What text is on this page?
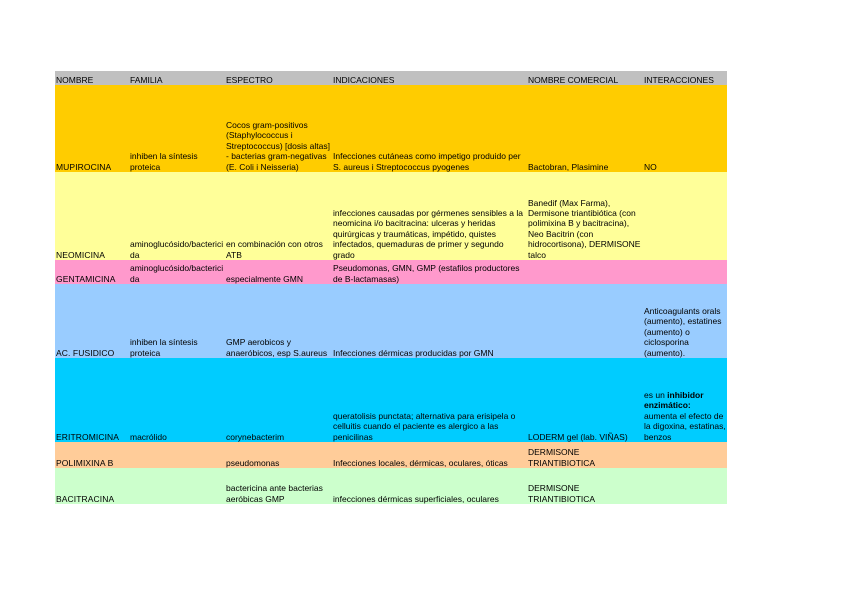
NOMBRE	FAMILIA	ESPECTRO	INDICACIONES	NOMBRE COMERCIAL	INTERACCIONES
MUPIROCINA	inhiben la síntesis proteica	Cocos gram-positivos (Staphylococcus i Streptococcus) [dosis altas] - bacterias gram-negativas (E. Coli i Neisseria)	Infecciones cutáneas como impetigo produido per S. aureus i Streptococcus pyogenes	Bactobran, Plasimine	NO
NEOMICINA	aminoglucósido/bactericida	en combinación con otros ATB	infecciones causadas por gérmenes sensibles a la neomicina i/o bacitracina: ulceras y heridas quirúrgicas y traumáticas, impétido, quistes infectados, quemaduras de primer y segundo grado	Banedif (Max Farma), Dermisone triantibiótica (con polimixina B y bacitracina), Neo Bacitrin (con hidrocortisona), DERMISONE talco	
GENTAMICINA	aminoglucósido/bactericida	especialmente GMN	Pseudomonas, GMN, GMP (estafilos productores de B-lactamasas)		
AC. FUSIDICO	inhiben la síntesis proteica	GMP aerobicos y anaeróbicos, esp S.aureus	Infecciones dérmicas producidas por GMN		Anticoagulants orals (aumento), estatines (aumento) o ciclosporina (aumento).
ERITROMICINA	macrólido	corynebacterim	queratolisis punctata; alternativa para erisipela o celluitis cuando el paciente es alergico a las penicilinas	LODERM gel (lab. VIÑAS)	es un inhibidor enzimático: aumenta el efecto de la digoxina, estatinas, benzos
POLIMIXINA B		pseudomonas	Infecciones locales, dérmicas, oculares, óticas	DERMISONE TRIANTIBIOTICA	
BACITRACINA		bactericina ante bacterias aeróbicas GMP	infecciones dérmicas superficiales, oculares	DERMISONE TRIANTIBIOTICA	
